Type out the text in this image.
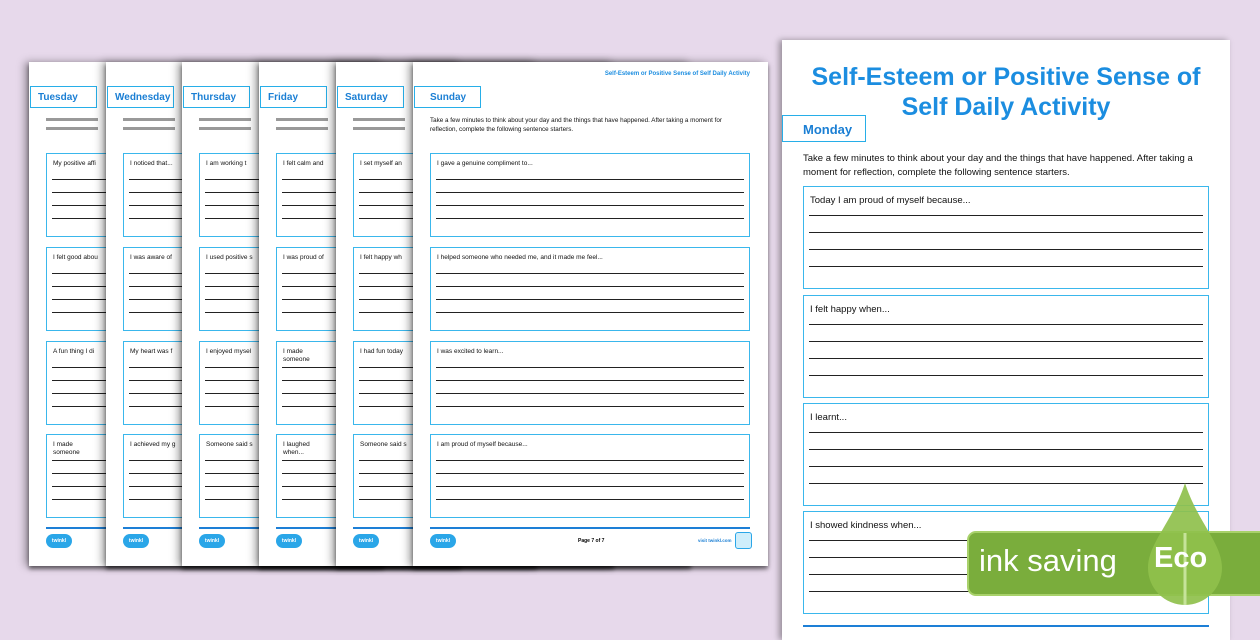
Tuesday
My positive affi
I felt good abou
A fun thing I di
I made someone
twinkl
Wednesday
I noticed that...
I was aware of
My heart was f
I achieved my g
twinkl
Thursday
I am working t
I used positive s
I enjoyed mysel
Someone said s
twinkl
Friday
I felt calm and
I was proud of
I made someone
I laughed when...
twinkl
Saturday
I set myself an
I felt happy wh
I had fun today
Someone said s
twinkl
Self-Esteem or Positive Sense of Self Daily Activity
Sunday
Take a few minutes to think about your day and the things that have happened. After taking a moment for reflection, complete the following sentence starters.
I gave a genuine compliment to...
I helped someone who needed me, and it made me feel...
I was excited to learn...
I am proud of myself because...
twinkl	Page 7 of 7	visit twinkl.com
Self-Esteem or Positive Sense of
Self Daily Activity
Monday
Take a few minutes to think about your day and the things that have happened. After taking a moment for reflection, complete the following sentence starters.
Today I am proud of myself because...
I felt happy when...
I learnt...
I showed kindness when...
ink saving Eco
